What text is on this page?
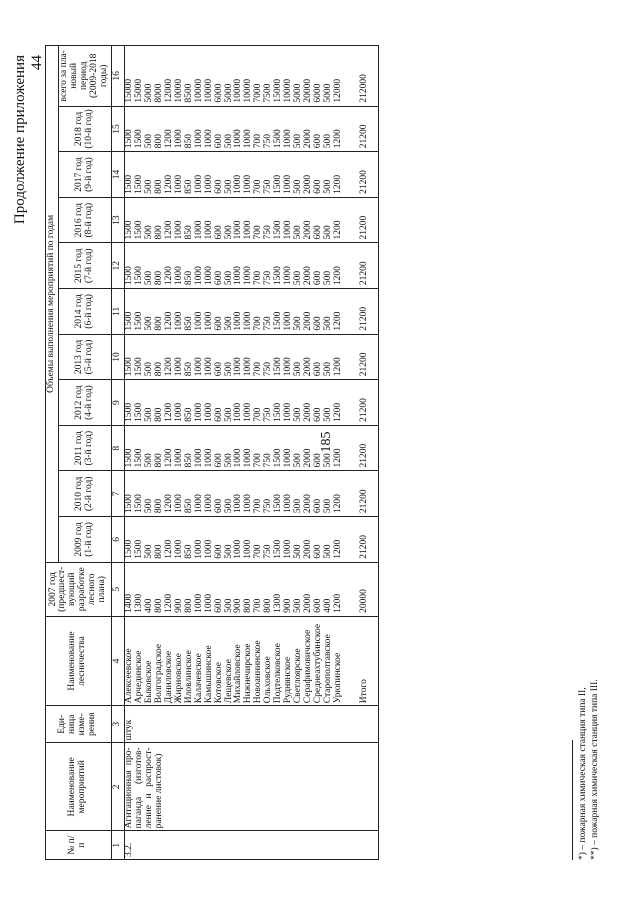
185
Продолжение приложения 44
№ п/п	Наименование мероприятий	Еди-ница изме-рения	Наименование лесничества	2007 год (предшест-вующий разработке лесного плана)	Объемы выполнения мероприятий по годам										
					2009 год (1-й год)	2010 год (2-й год)	2011 год (3-й год)	2012 год (4-й год)	2013 год (5-й год)	2014 год (6-й год)	2015 год (7-й год)	2016 год (8-й год)	2017 год (9-й год)	2018 год (10-й год)	всего за пла-новый период (2009-2018 годы)
1	2	3	4	5	6	7	8	9	10	11	12	13	14	15	16
3.2.	Агитационная про-паганда (изготов-ление и распрост-ранение листовок)	штук	Алексеевское	1400	1500	1500	1500	1500	1500	1500	1500	1500	1500	1500	15000
			Арчединское	1300	1500	1500	1500	1500	1500	1500	1500	1500	1500	1500	15000
			Быковское	400	500	500	500	500	500	500	500	500	500	500	5000
			Волгоградское	800	800	800	800	800	800	800	800	800	800	800	8000
			Даниловское	1200	1200	1200	1200	1200	1200	1200	1200	1200	1200	1200	12000
			Жирновское	900	1000	1000	1000	1000	1000	1000	1000	1000	1000	1000	10000
			Иловлинское	800	850	850	850	850	850	850	850	850	850	850	8500
			Калачевское	1000	1000	1000	1000	1000	1000	1000	1000	1000	1000	1000	10000
			Камышинское	1000	1000	1000	1000	1000	1000	1000	1000	1000	1000	1000	10000
			Котовское	600	600	600	600	600	600	600	600	600	600	600	6000
			Лещевское	500	500	500	500	500	500	500	500	500	500	500	5000
			Михайловское	900	1000	1000	1000	1000	1000	1000	1000	1000	1000	1000	10000
			Нижнечирское	800	1000	1000	1000	1000	1000	1000	1000	1000	1000	1000	10000
			Новоаннинское	700	700	700	700	700	700	700	700	700	700	700	7000
			Ольховское	800	750	750	750	750	750	750	750	750	750	750	7500
			Подтелковское	1300	1500	1500	1500	1500	1500	1500	1500	1500	1500	1500	15000
			Руднянское	900	1000	1000	1000	1000	1000	1000	1000	1000	1000	1000	10000
			Светлоярское	500	500	500	500	500	500	500	500	500	500	500	5000
			Серафимовичское	2000	2000	2000	2000	2000	2000	2000	2000	2000	2000	2000	20000
			Среднеахтубинское	600	600	600	600	600	600	600	600	600	600	600	6000
			Старополтавское	400	500	500	500	500	500	500	500	500	500	500	5000
			Урюпинское	1200	1200	1200	1200	1200	1200	1200	1200	1200	1200	1200	12000

			Итого	20000	21200	21200	21200	21200	21200	21200	21200	21200	21200	21200	212000
*) – пожарная химическая станция типа II, **) – пожарная химическая станция типа III.
